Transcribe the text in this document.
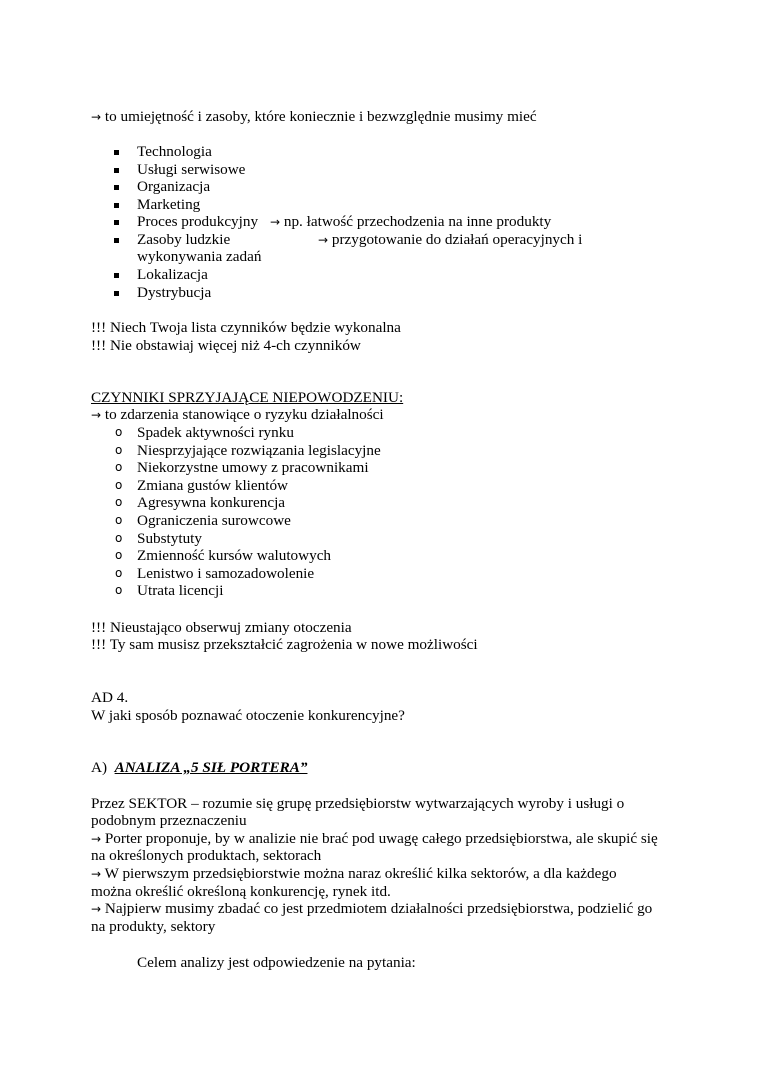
→ to umiejętność i zasoby, które koniecznie i bezwzględnie musimy mieć
Technologia
Usługi serwisowe
Organizacja
Marketing
Proces produkcyjny → np. łatwość przechodzenia na inne produkty
Zasoby ludzkie	→ przygotowanie do działań operacyjnych i
wykonywania zadań
Lokalizacja
Dystrybucja
!!! Niech Twoja lista czynników będzie wykonalna
!!! Nie obstawiaj więcej niż 4-ch czynników
CZYNNIKI SPRZYJAJĄCE NIEPOWODZENIU:
→ to zdarzenia stanowiące o ryzyku działalności
o Spadek aktywności rynku
o Niesprzyjające rozwiązania legislacyjne
o Niekorzystne umowy z pracownikami
o Zmiana gustów klientów
o Agresywna konkurencja
o Ograniczenia surowcowe
o Substytuty
o Zmienność kursów walutowych
o Lenistwo i samozadowolenie
o Utrata licencji
!!! Nieustająco obserwuj zmiany otoczenia
!!! Ty sam musisz przekształcić zagrożenia w nowe możliwości
AD 4.
W jaki sposób poznawać otoczenie konkurencyjne?
A) ANALIZA „5 SIŁ PORTERA”
Przez SEKTOR – rozumie się grupę przedsiębiorstw wytwarzających wyroby i usługi o
podobnym przeznaczeniu
→ Porter proponuje, by w analizie nie brać pod uwagę całego przedsiębiorstwa, ale skupić się
na określonych produktach, sektorach
→ W pierwszym przedsiębiorstwie można naraz określić kilka sektorów, a dla każdego
można określić określoną konkurencję, rynek itd.
→ Najpierw musimy zbadać co jest przedmiotem działalności przedsiębiorstwa, podzielić go
na produkty, sektory
Celem analizy jest odpowiedzenie na pytania:
